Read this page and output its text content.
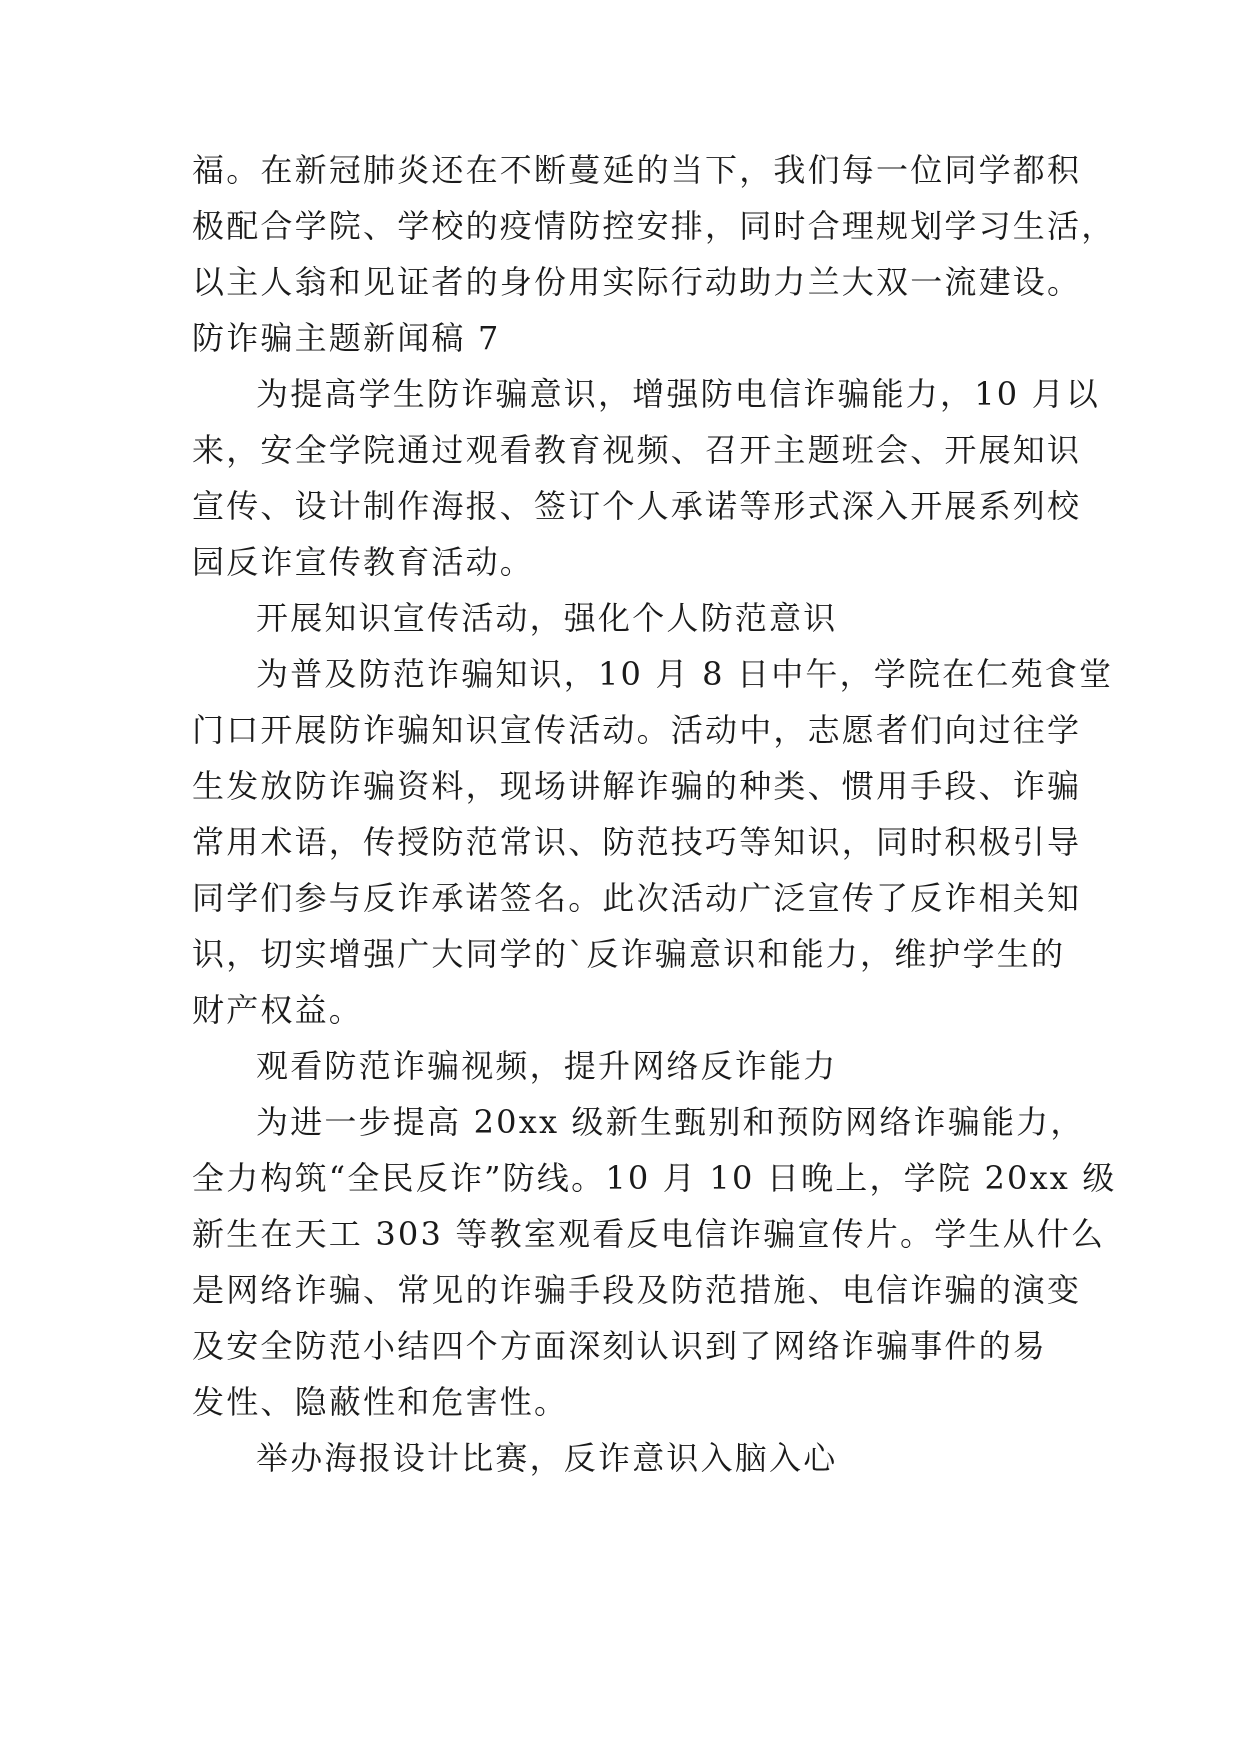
福。在新冠肺炎还在不断蔓延的当下，我们每一位同学都积
极配合学院、学校的疫情防控安排，同时合理规划学习生活，
以主人翁和见证者的身份用实际行动助力兰大双一流建设。
防诈骗主题新闻稿 7
为提高学生防诈骗意识，增强防电信诈骗能力，10 月以
来，安全学院通过观看教育视频、召开主题班会、开展知识
宣传、设计制作海报、签订个人承诺等形式深入开展系列校
园反诈宣传教育活动。
开展知识宣传活动，强化个人防范意识
为普及防范诈骗知识，10 月 8 日中午，学院在仁苑食堂
门口开展防诈骗知识宣传活动。活动中，志愿者们向过往学
生发放防诈骗资料，现场讲解诈骗的种类、惯用手段、诈骗
常用术语，传授防范常识、防范技巧等知识，同时积极引导
同学们参与反诈承诺签名。此次活动广泛宣传了反诈相关知
识，切实增强广大同学的`反诈骗意识和能力，维护学生的
财产权益。
观看防范诈骗视频，提升网络反诈能力
为进一步提高 20xx 级新生甄别和预防网络诈骗能力，
全力构筑“全民反诈”防线。10 月 10 日晚上，学院 20xx 级
新生在天工 303 等教室观看反电信诈骗宣传片。学生从什么
是网络诈骗、常见的诈骗手段及防范措施、电信诈骗的演变
及安全防范小结四个方面深刻认识到了网络诈骗事件的易
发性、隐蔽性和危害性。
举办海报设计比赛，反诈意识入脑入心
